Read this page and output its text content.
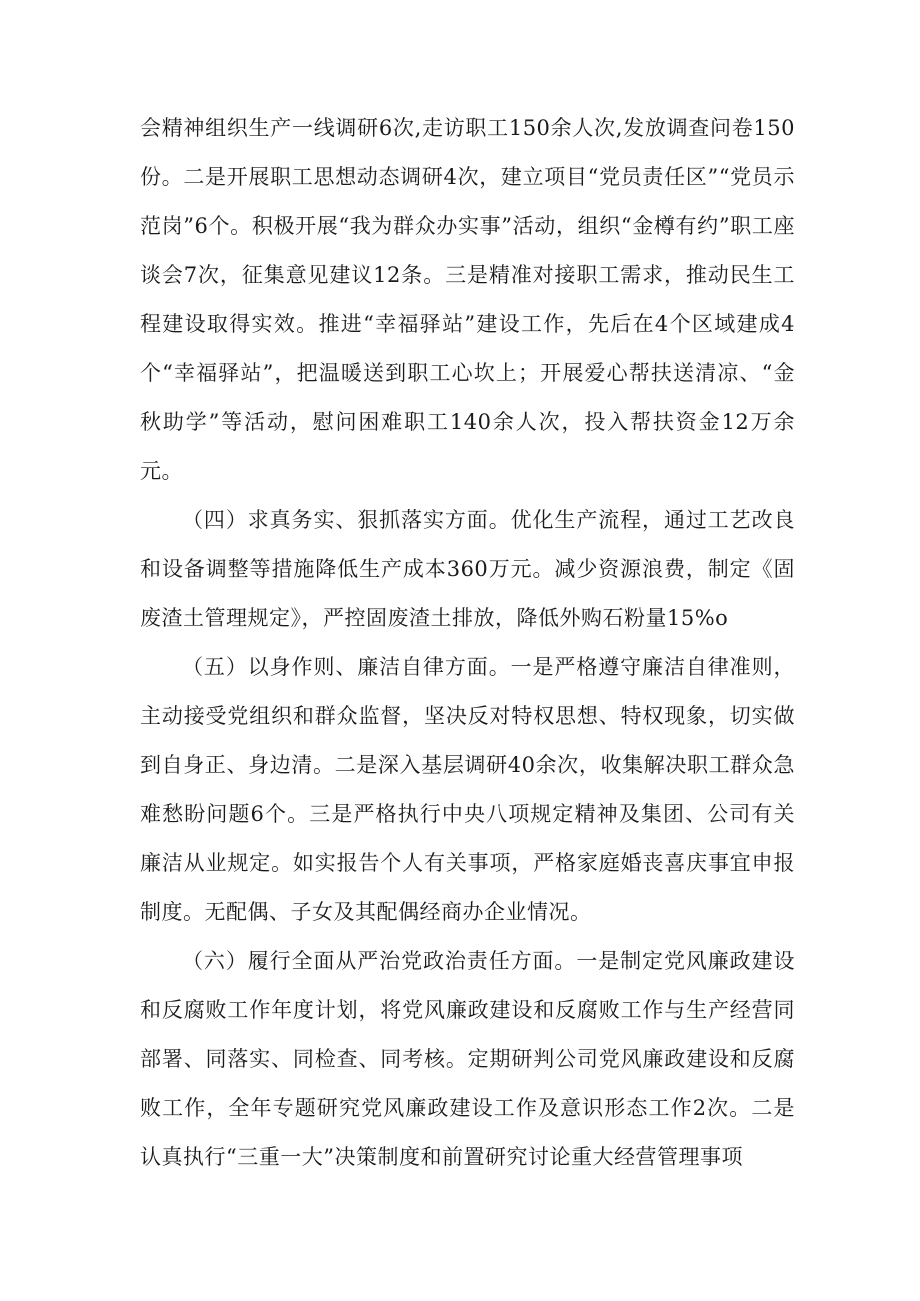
会精神组织生产一线调研6次,走访职工150余人次,发放调查问卷150份。二是开展职工思想动态调研4次，建立项目“党员责任区”“党员示范岗”6个。积极开展“我为群众办实事”活动，组织“金樽有约”职工座谈会7次，征集意见建议12条。三是精准对接职工需求，推动民生工程建设取得实效。推进“幸福驿站”建设工作，先后在4个区域建成4个“幸福驿站”，把温暖送到职工心坎上；开展爱心帮扶送清凉、“金秋助学”等活动，慰问困难职工140余人次，投入帮扶资金12万余元。

（四）求真务实、狠抓落实方面。优化生产流程，通过工艺改良和设备调整等措施降低生产成本360万元。减少资源浪费，制定《固废渣土管理规定》，严控固废渣土排放，降低外购石粉量15%o

（五）以身作则、廉洁自律方面。一是严格遵守廉洁自律准则，主动接受党组织和群众监督，坚决反对特权思想、特权现象，切实做到自身正、身边清。二是深入基层调研40余次，收集解决职工群众急难愁盼问题6个。三是严格执行中央八项规定精神及集团、公司有关廉洁从业规定。如实报告个人有关事项，严格家庭婚丧喜庆事宜申报制度。无配偶、子女及其配偶经商办企业情况。

（六）履行全面从严治党政治责任方面。一是制定党风廉政建设和反腐败工作年度计划，将党风廉政建设和反腐败工作与生产经营同部署、同落实、同检查、同考核。定期研判公司党风廉政建设和反腐败工作，全年专题研究党风廉政建设工作及意识形态工作2次。二是认真执行“三重一大”决策制度和前置研究讨论重大经营管理事项
